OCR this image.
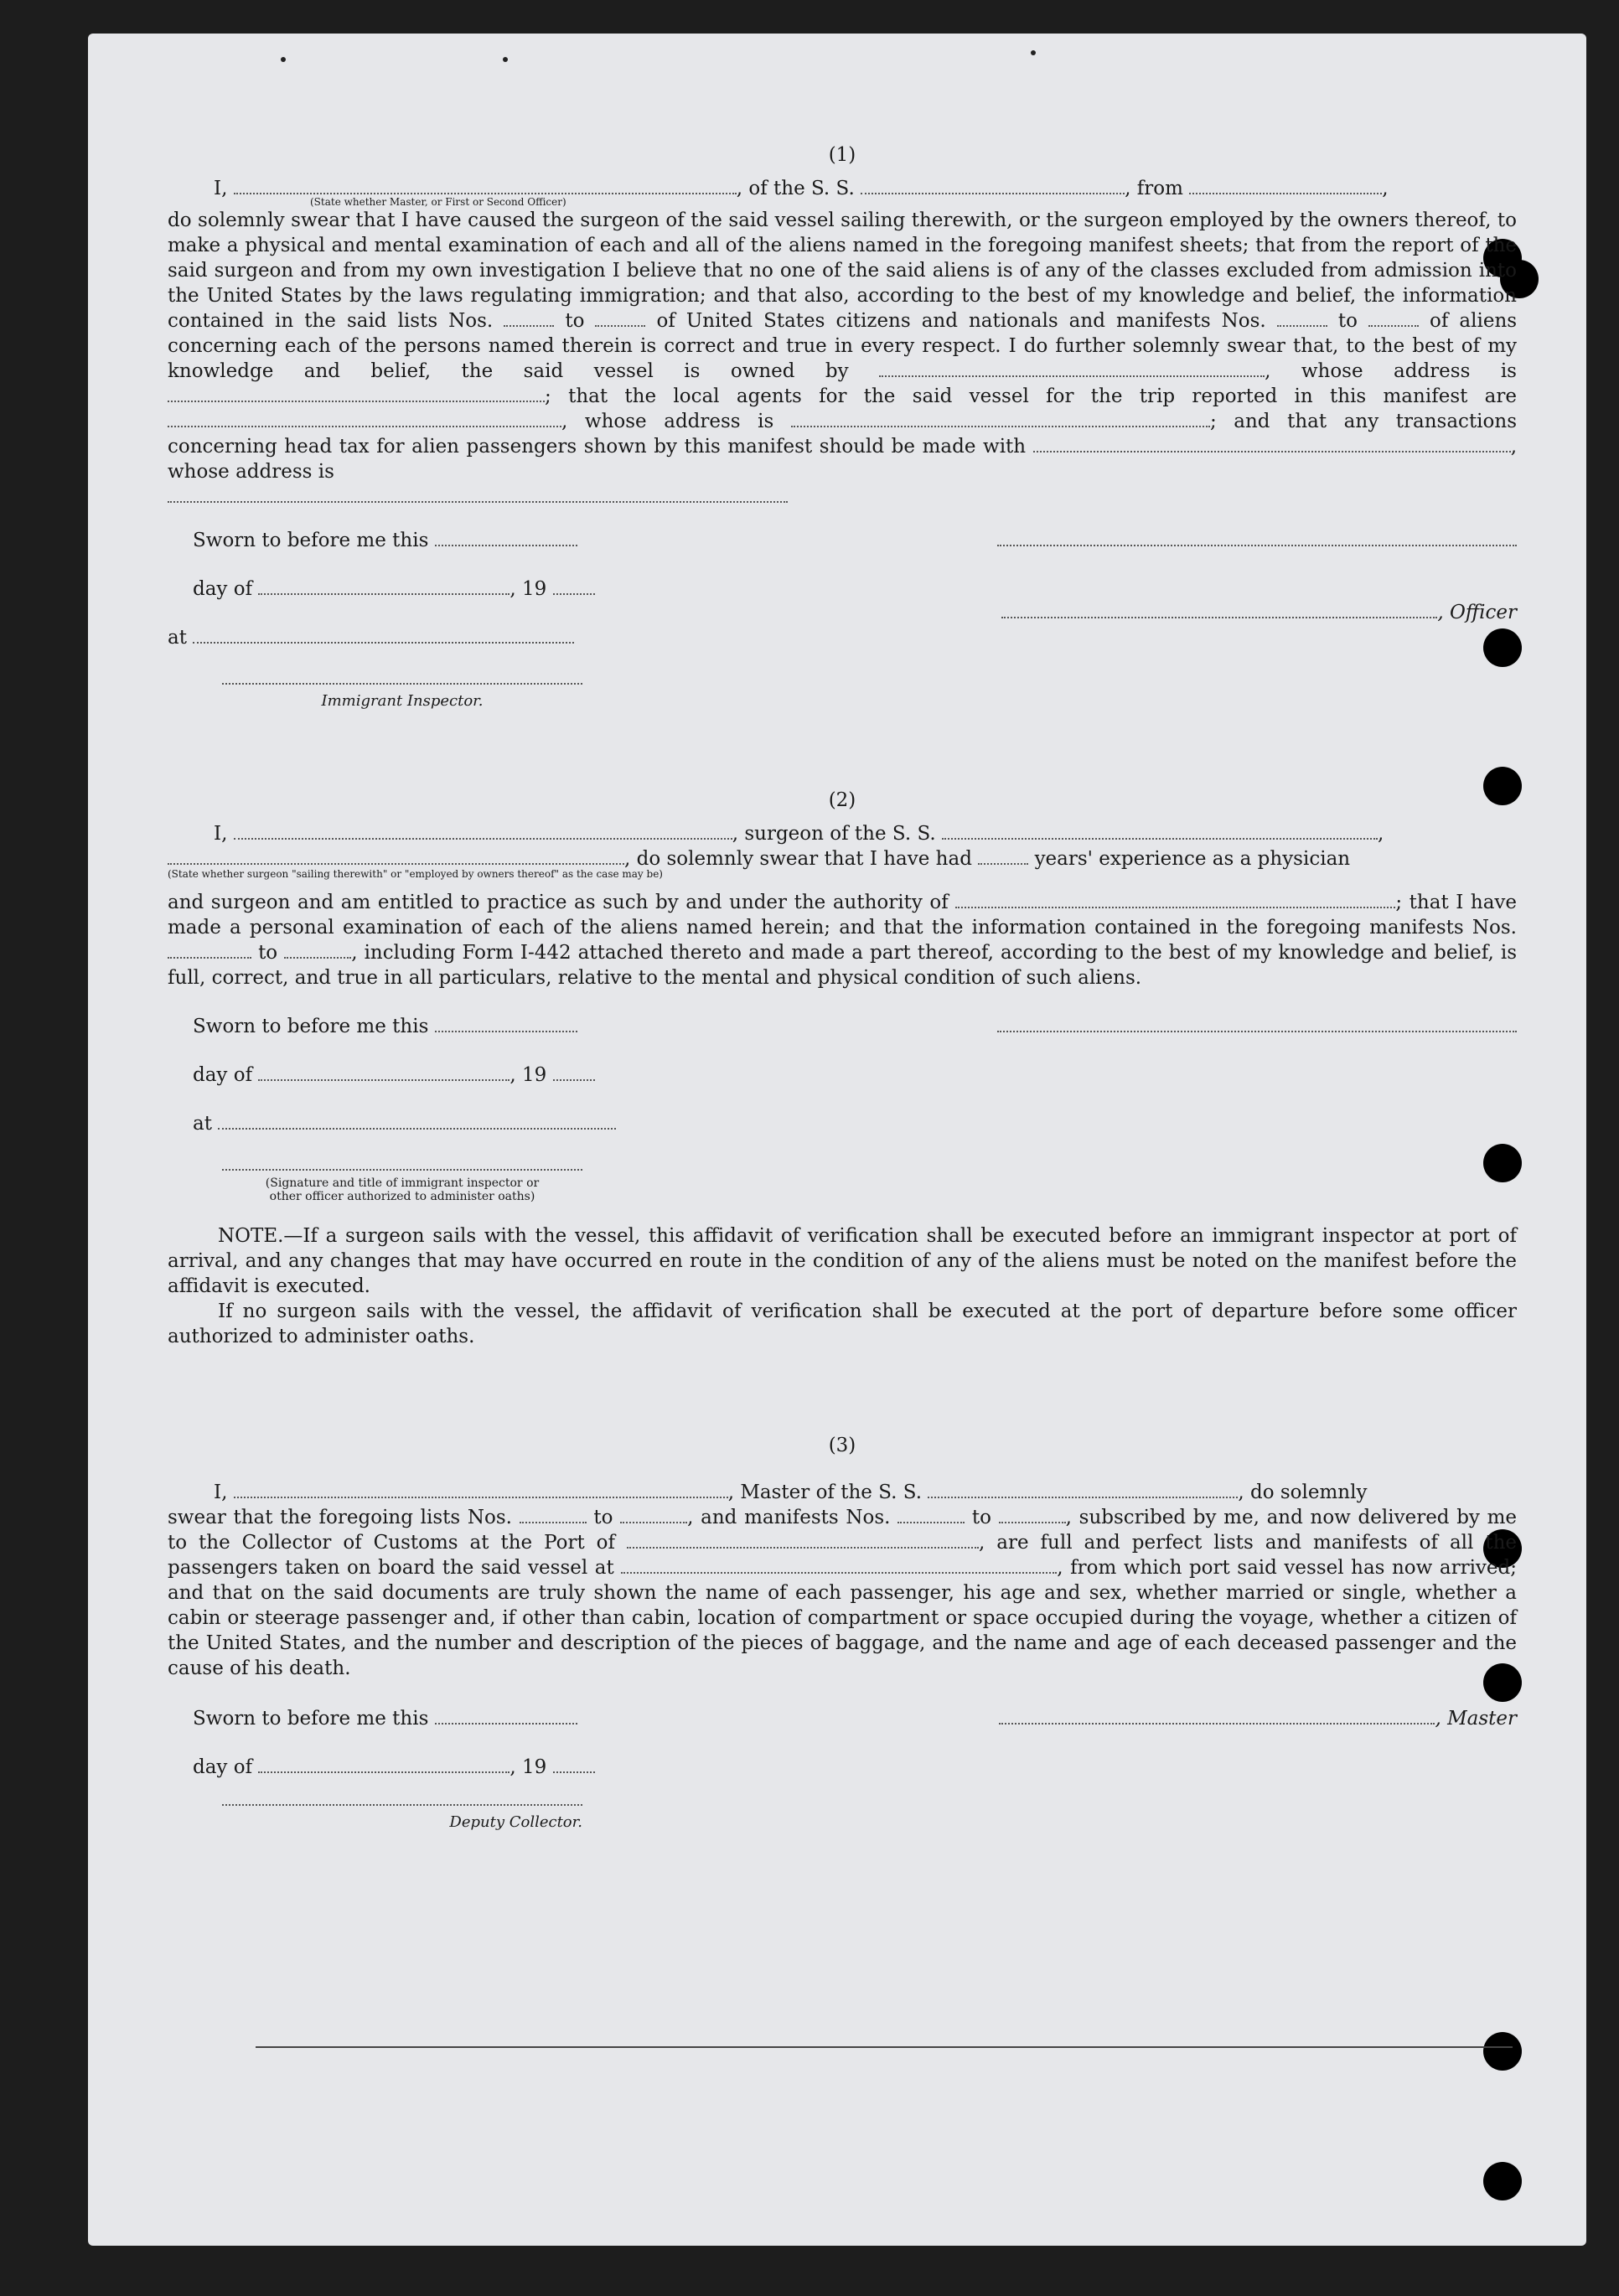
(1)
I,	, of the S. S.	, from	,
(State whether Master, or First or Second Officer)
do solemnly swear that I have caused the surgeon of the said vessel sailing therewith, or the surgeon employed by the owners thereof, to make a physical and mental examination of each and all of the aliens named in the foregoing manifest sheets; that from the report of the said surgeon and from my own investigation I believe that no one of the said aliens is of any of the classes excluded from admission into the United States by the laws regulating immigration; and that also, according to the best of my knowledge and belief, the information contained in the said lists Nos.	to	of United States citizens and nationals and manifests Nos.	to	of aliens concerning each of the persons named therein is correct and true in every respect. I do further solemnly swear that, to the best of my knowledge and belief, the said vessel is owned by	, whose address is ; that the local agents for the said vessel for the trip reported in this manifest are , whose address is	; and that any transactions concerning head tax for alien passengers shown by this manifest should be made with	, whose address is

Sworn to before me this
day of	, 19
at
, Officer
Immigrant Inspector.
(2)
I,	, surgeon of the S. S.	,
, do solemnly swear that I have had	years' experience as a physician
(State whether surgeon "sailing therewith" or "employed by owners thereof" as the case may be)
and surgeon and am entitled to practice as such by and under the authority of	; that I have made a personal examination of each of the aliens named herein; and that the information contained in the foregoing manifests Nos.  to	, including Form I-442 attached thereto and made a part thereof, according to the best of my knowledge and belief, is full, correct, and true in all particulars, relative to the mental and physical condition of such aliens.
Sworn to before me this
day of	, 19
at
(Signature and title of immigrant inspector or
other officer authorized to administer oaths)
NOTE.—If a surgeon sails with the vessel, this affidavit of verification shall be executed before an immigrant inspector at port of arrival, and any changes that may have occurred en route in the condition of any of the aliens must be noted on the manifest before the affidavit is executed.
If no surgeon sails with the vessel, the affidavit of verification shall be executed at the port of departure before some officer authorized to administer oaths.
(3)
I,	, Master of the S. S.	, do solemnly
swear that the foregoing lists Nos.	to	, and manifests Nos.	to	, subscribed by me, and now delivered by me to the Collector of Customs at the Port of	, are full and perfect lists and manifests of all the passengers taken on board the said vessel at	, from which port said vessel has now arrived; and that on the said documents are truly shown the name of each passenger, his age and sex, whether married or single, whether a cabin or steerage passenger and, if other than cabin, location of compartment or space occupied during the voyage, whether a citizen of the United States, and the number and description of the pieces of baggage, and the name and age of each deceased passenger and the cause of his death.
Sworn to before me this	, Master
day of	, 19
Deputy Collector.
